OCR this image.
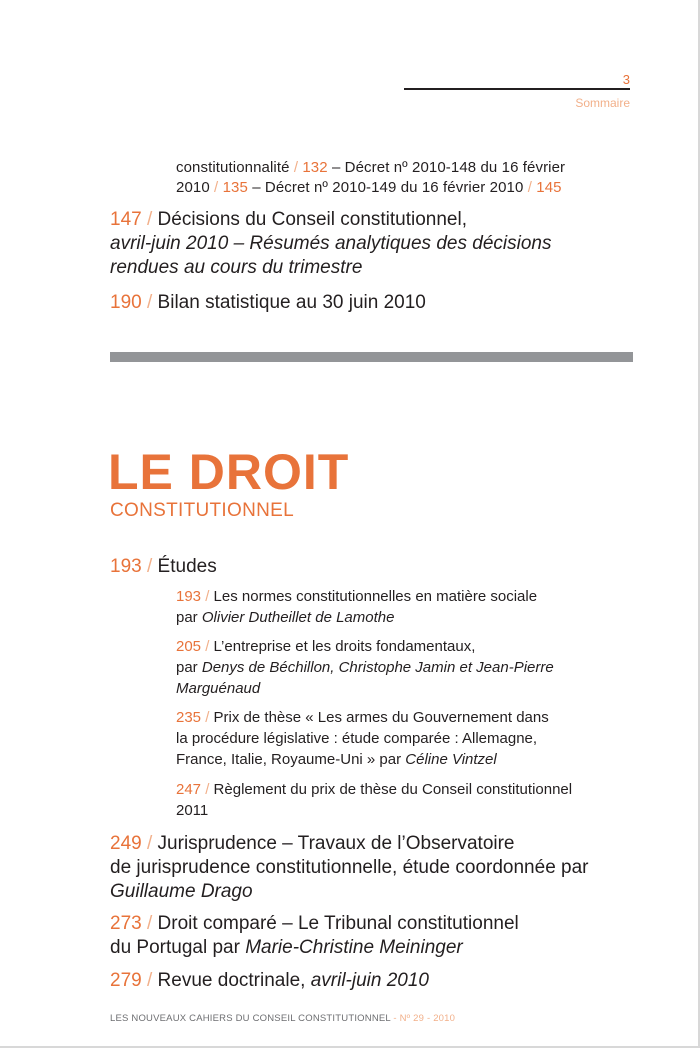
3
Sommaire
constitutionnalité / 132 – Décret nº 2010-148 du 16 février
2010 / 135 – Décret nº 2010-149 du 16 février 2010 / 145
147 / Décisions du Conseil constitutionnel,
avril-juin 2010 – Résumés analytiques des décisions
rendues au cours du trimestre
190 / Bilan statistique au 30 juin 2010
LE DROIT
CONSTITUTIONNEL
193 / Études
193 / Les normes constitutionnelles en matière sociale
par Olivier Dutheillet de Lamothe
205 / L’entreprise et les droits fondamentaux,
par Denys de Béchillon, Christophe Jamin et Jean-Pierre
Marguénaud
235 / Prix de thèse « Les armes du Gouvernement dans
la procédure législative : étude comparée : Allemagne,
France, Italie, Royaume-Uni » par Céline Vintzel
247 / Règlement du prix de thèse du Conseil constitutionnel
2011
249 / Jurisprudence – Travaux de l’Observatoire
de jurisprudence constitutionnelle, étude coordonnée par
Guillaume Drago
273 / Droit comparé – Le Tribunal constitutionnel
du Portugal par Marie-Christine Meininger
279 / Revue doctrinale, avril-juin 2010
LES NOUVEAUX CAHIERS DU CONSEIL CONSTITUTIONNEL - Nº 29 - 2010
